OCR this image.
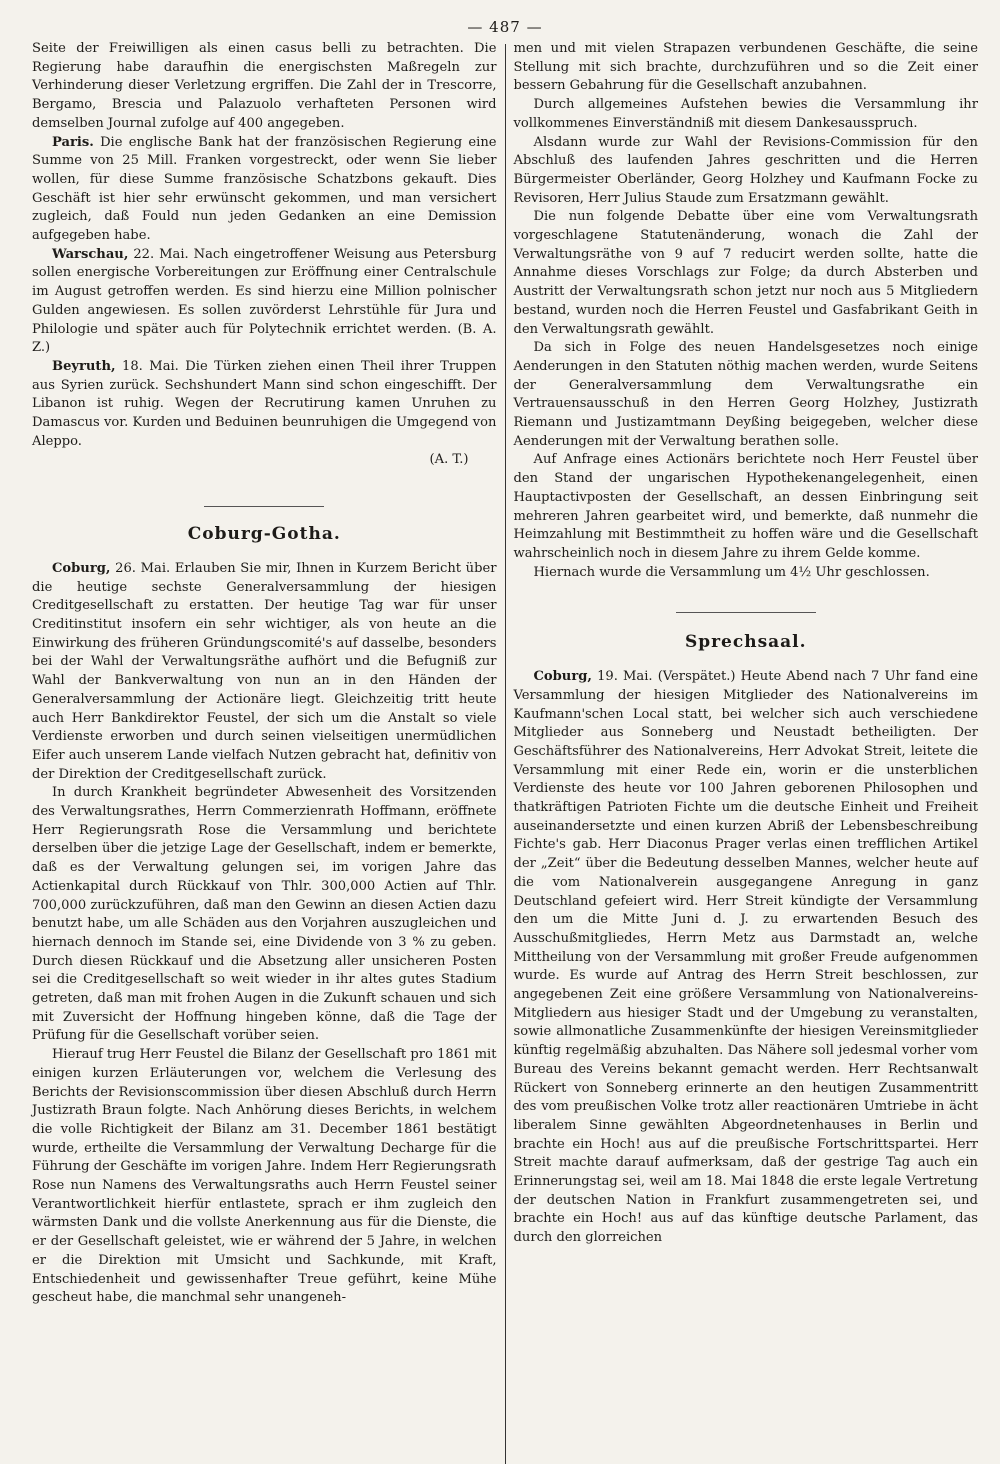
— 487 —

Seite der Freiwilligen als einen casus belli zu betrachten. Die Regierung habe daraufhin die energischsten Maßregeln zur Verhinderung dieser Verletzung ergriffen. Die Zahl der in Trescorre, Bergamo, Brescia und Palazuolo verhafteten Personen wird demselben Journal zufolge auf 400 angegeben.

Paris. Die englische Bank hat der französischen Regierung eine Summe von 25 Mill. Franken vorgestreckt, oder wenn Sie lieber wollen, für diese Summe französische Schatzbons gekauft. Dies Geschäft ist hier sehr erwünscht gekommen, und man versichert zugleich, daß Fould nun jeden Gedanken an eine Demission aufgegeben habe.

Warschau, 22. Mai. Nach eingetroffener Weisung aus Petersburg sollen energische Vorbereitungen zur Eröffnung einer Centralschule im August getroffen werden. Es sind hierzu eine Million polnischer Gulden angewiesen. Es sollen zuvörderst Lehrstühle für Jura und Philologie und später auch für Polytechnik errichtet werden. (B. A. Z.)

Beyruth, 18. Mai. Die Türken ziehen einen Theil ihrer Truppen aus Syrien zurück. Sechshundert Mann sind schon eingeschifft. Der Libanon ist ruhig. Wegen der Recrutirung kamen Unruhen zu Damascus vor. Kurden und Beduinen beunruhigen die Umgegend von Aleppo.

(A. T.)

Coburg-Gotha.

Coburg, 26. Mai. Erlauben Sie mir, Ihnen in Kurzem Bericht über die heutige sechste Generalversammlung der hiesigen Creditgesellschaft zu erstatten. Der heutige Tag war für unser Creditinstitut insofern ein sehr wichtiger, als von heute an die Einwirkung des früheren Gründungscomité's auf dasselbe, besonders bei der Wahl der Verwaltungsräthe aufhört und die Befugniß zur Wahl der Bankverwaltung von nun an in den Händen der Generalversammlung der Actionäre liegt. Gleichzeitig tritt heute auch Herr Bankdirektor Feustel, der sich um die Anstalt so viele Verdienste erworben und durch seinen vielseitigen unermüdlichen Eifer auch unserem Lande vielfach Nutzen gebracht hat, definitiv von der Direktion der Creditgesellschaft zurück.

In durch Krankheit begründeter Abwesenheit des Vorsitzenden des Verwaltungsrathes, Herrn Commerzienrath Hoffmann, eröffnete Herr Regierungsrath Rose die Versammlung und berichtete derselben über die jetzige Lage der Gesellschaft, indem er bemerkte, daß es der Verwaltung gelungen sei, im vorigen Jahre das Actienkapital durch Rückkauf von Thlr. 300,000 Actien auf Thlr. 700,000 zurückzuführen, daß man den Gewinn an diesen Actien dazu benutzt habe, um alle Schäden aus den Vorjahren auszugleichen und hiernach dennoch im Stande sei, eine Dividende von 3 % zu geben. Durch diesen Rückkauf und die Absetzung aller unsicheren Posten sei die Creditgesellschaft so weit wieder in ihr altes gutes Stadium getreten, daß man mit frohen Augen in die Zukunft schauen und sich mit Zuversicht der Hoffnung hingeben könne, daß die Tage der Prüfung für die Gesellschaft vorüber seien.

Hierauf trug Herr Feustel die Bilanz der Gesellschaft pro 1861 mit einigen kurzen Erläuterungen vor, welchem die Verlesung des Berichts der Revisionscommission über diesen Abschluß durch Herrn Justizrath Braun folgte. Nach Anhörung dieses Berichts, in welchem die volle Richtigkeit der Bilanz am 31. December 1861 bestätigt wurde, ertheilte die Versammlung der Verwaltung Decharge für die Führung der Geschäfte im vorigen Jahre. Indem Herr Regierungsrath Rose nun Namens des Verwaltungsraths auch Herrn Feustel seiner Verantwortlichkeit hierfür entlastete, sprach er ihm zugleich den wärmsten Dank und die vollste Anerkennung aus für die Dienste, die er der Gesellschaft geleistet, wie er während der 5 Jahre, in welchen er die Direktion mit Umsicht und Sachkunde, mit Kraft, Entschiedenheit und gewissenhafter Treue geführt, keine Mühe gescheut habe, die manchmal sehr unangeneh-

men und mit vielen Strapazen verbundenen Geschäfte, die seine Stellung mit sich brachte, durchzuführen und so die Zeit einer bessern Gebahrung für die Gesellschaft anzubahnen.

Durch allgemeines Aufstehen bewies die Versammlung ihr vollkommenes Einverständniß mit diesem Dankesausspruch.

Alsdann wurde zur Wahl der Revisions-Commission für den Abschluß des laufenden Jahres geschritten und die Herren Bürgermeister Oberländer, Georg Holzhey und Kaufmann Focke zu Revisoren, Herr Julius Staude zum Ersatzmann gewählt.

Die nun folgende Debatte über eine vom Verwaltungsrath vorgeschlagene Statutenänderung, wonach die Zahl der Verwaltungsräthe von 9 auf 7 reducirt werden sollte, hatte die Annahme dieses Vorschlags zur Folge; da durch Absterben und Austritt der Verwaltungsrath schon jetzt nur noch aus 5 Mitgliedern bestand, wurden noch die Herren Feustel und Gasfabrikant Geith in den Verwaltungsrath gewählt.

Da sich in Folge des neuen Handelsgesetzes noch einige Aenderungen in den Statuten nöthig machen werden, wurde Seitens der Generalversammlung dem Verwaltungsrathe ein Vertrauensausschuß in den Herren Georg Holzhey, Justizrath Riemann und Justizamtmann Deyßing beigegeben, welcher diese Aenderungen mit der Verwaltung berathen solle.

Auf Anfrage eines Actionärs berichtete noch Herr Feustel über den Stand der ungarischen Hypothekenangelegenheit, einen Hauptactivposten der Gesellschaft, an dessen Einbringung seit mehreren Jahren gearbeitet wird, und bemerkte, daß nunmehr die Heimzahlung mit Bestimmtheit zu hoffen wäre und die Gesellschaft wahrscheinlich noch in diesem Jahre zu ihrem Gelde komme.

Hiernach wurde die Versammlung um 4½ Uhr geschlossen.

Sprechsaal.

Coburg, 19. Mai. (Verspätet.) Heute Abend nach 7 Uhr fand eine Versammlung der hiesigen Mitglieder des Nationalvereins im Kaufmann'schen Local statt, bei welcher sich auch verschiedene Mitglieder aus Sonneberg und Neustadt betheiligten. Der Geschäftsführer des Nationalvereins, Herr Advokat Streit, leitete die Versammlung mit einer Rede ein, worin er die unsterblichen Verdienste des heute vor 100 Jahren geborenen Philosophen und thatkräftigen Patrioten Fichte um die deutsche Einheit und Freiheit auseinandersetzte und einen kurzen Abriß der Lebensbeschreibung Fichte's gab. Herr Diaconus Prager verlas einen trefflichen Artikel der „Zeit“ über die Bedeutung desselben Mannes, welcher heute auf die vom Nationalverein ausgegangene Anregung in ganz Deutschland gefeiert wird. Herr Streit kündigte der Versammlung den um die Mitte Juni d. J. zu erwartenden Besuch des Ausschußmitgliedes, Herrn Metz aus Darmstadt an, welche Mittheilung von der Versammlung mit großer Freude aufgenommen wurde. Es wurde auf Antrag des Herrn Streit beschlossen, zur angegebenen Zeit eine größere Versammlung von Nationalvereins-Mitgliedern aus hiesiger Stadt und der Umgebung zu veranstalten, sowie allmonatliche Zusammenkünfte der hiesigen Vereinsmitglieder künftig regelmäßig abzuhalten. Das Nähere soll jedesmal vorher vom Bureau des Vereins bekannt gemacht werden. Herr Rechtsanwalt Rückert von Sonneberg erinnerte an den heutigen Zusammentritt des vom preußischen Volke trotz aller reactionären Umtriebe in ächt liberalem Sinne gewählten Abgeordnetenhauses in Berlin und brachte ein Hoch! aus auf die preußische Fortschrittspartei. Herr Streit machte darauf aufmerksam, daß der gestrige Tag auch ein Erinnerungstag sei, weil am 18. Mai 1848 die erste legale Vertretung der deutschen Nation in Frankfurt zusammengetreten sei, und brachte ein Hoch! aus auf das künftige deutsche Parlament, das durch den glorreichen
